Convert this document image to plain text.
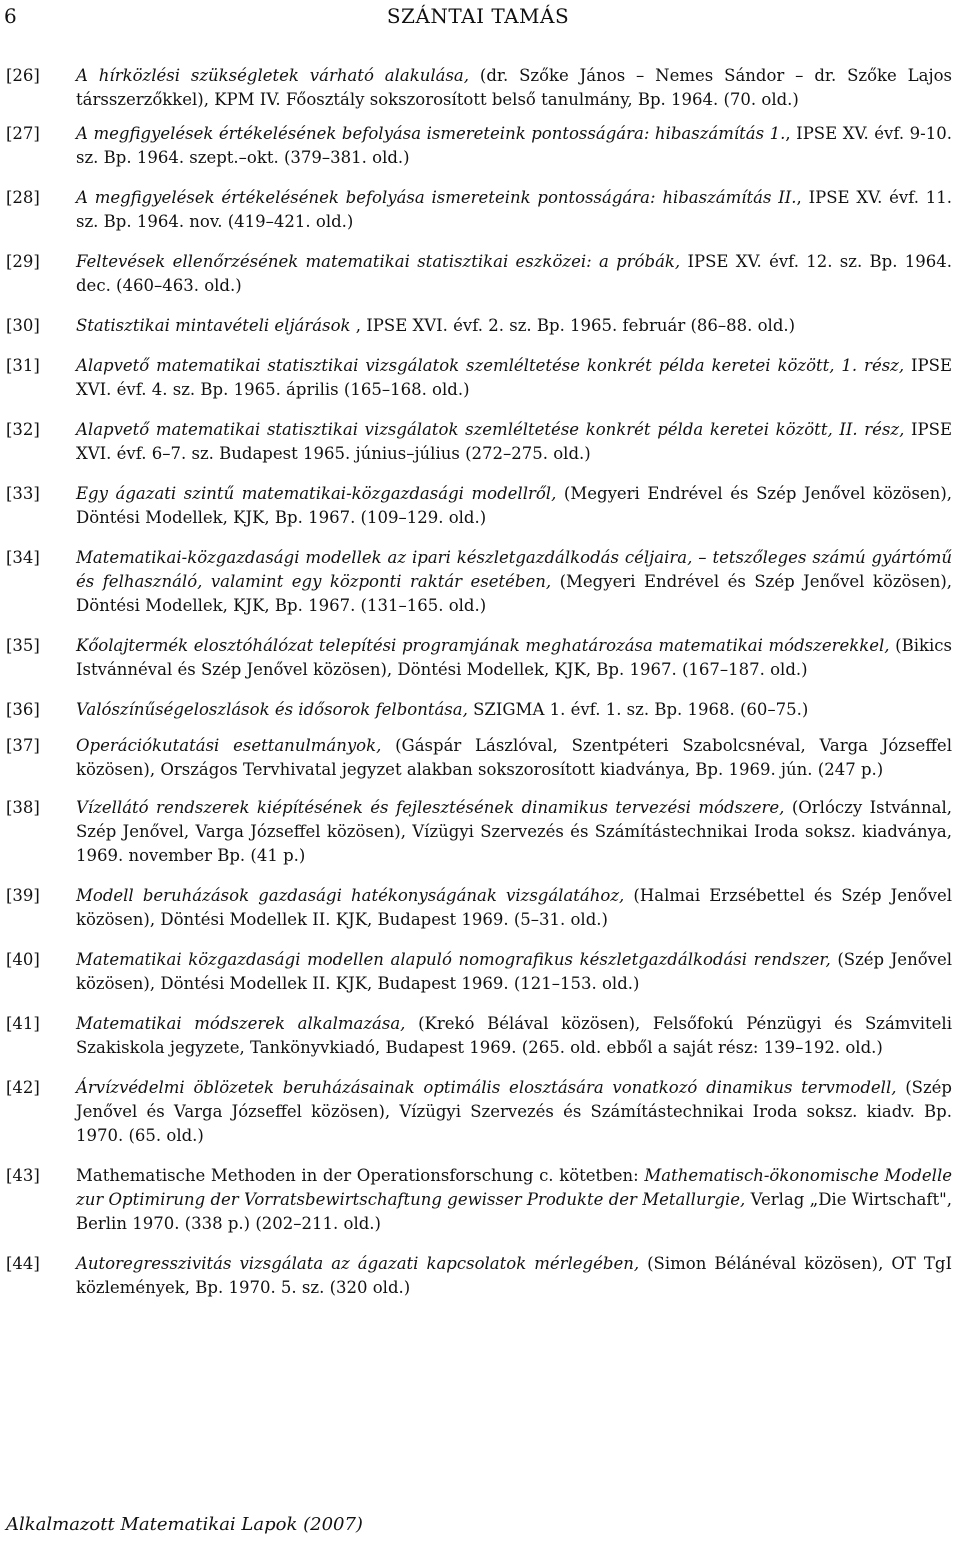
6	SZÁNTAI TAMÁS
[26] A hírközlési szükségletek várható alakulása, (dr. Szőke János – Nemes Sándor – dr. Szőke Lajos társszerzőkkel), KPM IV. Főosztály sokszorosított belső tanulmány, Bp. 1964. (70. old.)
[27] A megfigyelések értékelésének befolyása ismereteink pontosságára: hibaszámítás 1., IPSE XV. évf. 9-10. sz. Bp. 1964. szept.–okt. (379–381. old.)
[28] A megfigyelések értékelésének befolyása ismereteink pontosságára: hibaszámítás II., IPSE XV. évf. 11. sz. Bp. 1964. nov. (419–421. old.)
[29] Feltevések ellenőrzésének matematikai statisztikai eszközei: a próbák, IPSE XV. évf. 12. sz. Bp. 1964. dec. (460–463. old.)
[30] Statisztikai mintavételi eljárások , IPSE XVI. évf. 2. sz. Bp. 1965. február (86–88. old.)
[31] Alapvető matematikai statisztikai vizsgálatok szemléltetése konkrét példa keretei között, 1. rész, IPSE XVI. évf. 4. sz. Bp. 1965. április (165–168. old.)
[32] Alapvető matematikai statisztikai vizsgálatok szemléltetése konkrét példa keretei között, II. rész, IPSE XVI. évf. 6–7. sz. Budapest 1965. június–július (272–275. old.)
[33] Egy ágazati szintű matematikai-közgazdasági modellről, (Megyeri Endrével és Szép Jenővel közösen), Döntési Modellek, KJK, Bp. 1967. (109–129. old.)
[34] Matematikai-közgazdasági modellek az ipari készletgazdálkodás céljaira, – tetszőleges számú gyártómű és felhasználó, valamint egy központi raktár esetében, (Megyeri Endrével és Szép Jenővel közösen), Döntési Modellek, KJK, Bp. 1967. (131–165. old.)
[35] Kőolajtermék elosztóhálózat telepítési programjának meghatározása matematikai módszerekkel, (Bikics Istvánnéval és Szép Jenővel közösen), Döntési Modellek, KJK, Bp. 1967. (167–187. old.)
[36] Valószínűségeloszlások és idősorok felbontása, SZIGMA 1. évf. 1. sz. Bp. 1968. (60–75.)
[37] Operációkutatási esettanulmányok, (Gáspár Lászlóval, Szentpéteri Szabolcsnéval, Varga Józseffel közösen), Országos Tervhivatal jegyzet alakban sokszorosított kiadványa, Bp. 1969. jún. (247 p.)
[38] Vízellátó rendszerek kiépítésének és fejlesztésének dinamikus tervezési módszere, (Orlóczy Istvánnal, Szép Jenővel, Varga Józseffel közösen), Vízügyi Szervezés és Számítástechnikai Iroda soksz. kiadványa, 1969. november Bp. (41 p.)
[39] Modell beruházások gazdasági hatékonyságának vizsgálatához, (Halmai Erzsébettel és Szép Jenővel közösen), Döntési Modellek II. KJK, Budapest 1969. (5–31. old.)
[40] Matematikai közgazdasági modellen alapuló nomografikus készletgazdálkodási rendszer, (Szép Jenővel közösen), Döntési Modellek II. KJK, Budapest 1969. (121–153. old.)
[41] Matematikai módszerek alkalmazása, (Krekó Bélával közösen), Felsőfokú Pénzügyi és Számviteli Szakiskola jegyzete, Tankönyvkiadó, Budapest 1969. (265. old. ebből a saját rész: 139–192. old.)
[42] Árvízvédelmi öblözetek beruházásainak optimális elosztására vonatkozó dinamikus tervmodell, (Szép Jenővel és Varga Józseffel közösen), Vízügyi Szervezés és Számítástechnikai Iroda soksz. kiadv. Bp. 1970. (65. old.)
[43] Mathematische Methoden in der Operationsforschung c. kötetben: Mathematisch-ökonomische Modelle zur Optimirung der Vorratsbewirtschaftung gewisser Produkte der Metallurgie, Verlag „Die Wirtschaft", Berlin 1970. (338 p.) (202–211. old.)
[44] Autoregresszivitás vizsgálata az ágazati kapcsolatok mérlegében, (Simon Bélánéval közösen), OT TgI közlemények, Bp. 1970. 5. sz. (320 old.)
Alkalmazott Matematikai Lapok (2007)
